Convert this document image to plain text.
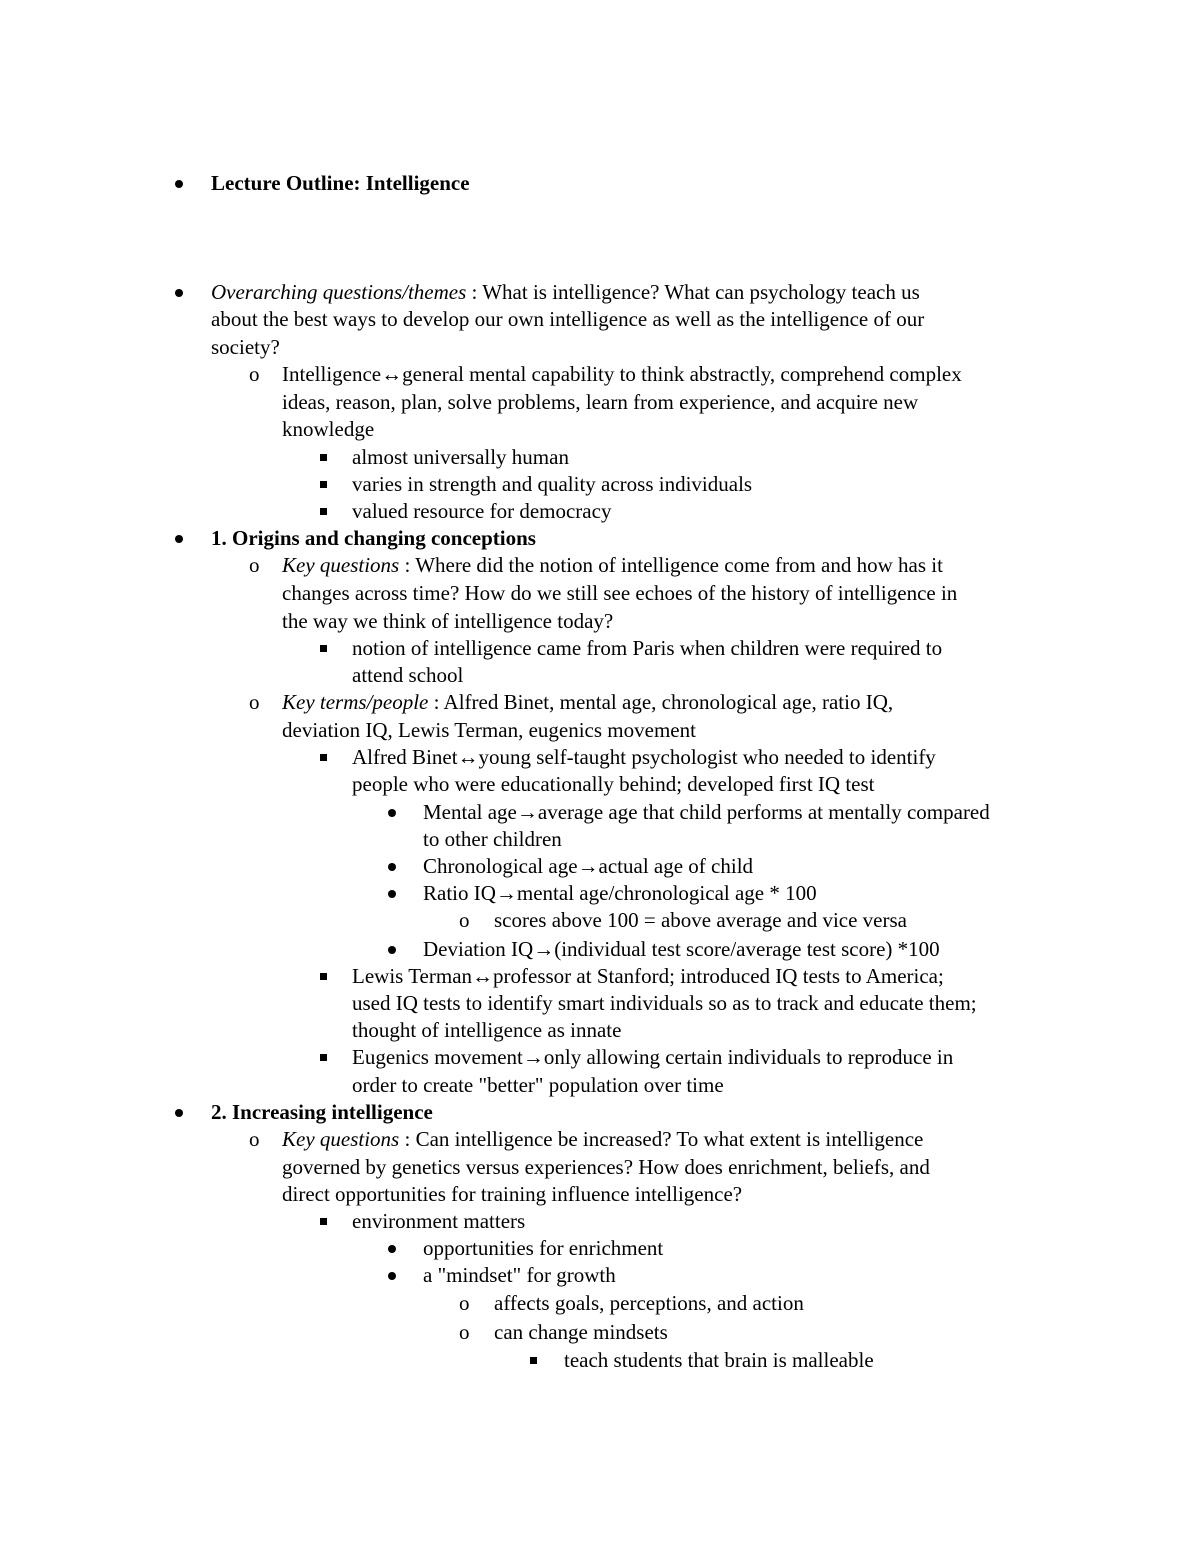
Lecture Outline: Intelligence
Overarching questions/themes : What is intelligence? What can psychology teach us
about the best ways to develop our own intelligence as well as the intelligence of our
society?
o Intelligence↔general mental capability to think abstractly, comprehend complex
ideas, reason, plan, solve problems, learn from experience, and acquire new
knowledge
almost universally human
varies in strength and quality across individuals
valued resource for democracy
1. Origins and changing conceptions
o Key questions : Where did the notion of intelligence come from and how has it
changes across time? How do we still see echoes of the history of intelligence in
the way we think of intelligence today?
notion of intelligence came from Paris when children were required to
attend school
o Key terms/people : Alfred Binet, mental age, chronological age, ratio IQ,
deviation IQ, Lewis Terman, eugenics movement
Alfred Binet↔young self-taught psychologist who needed to identify
people who were educationally behind; developed first IQ test
Mental age→average age that child performs at mentally compared
to other children
Chronological age→actual age of child
Ratio IQ→mental age/chronological age * 100
o scores above 100 = above average and vice versa
Deviation IQ→(individual test score/average test score) *100
Lewis Terman↔professor at Stanford; introduced IQ tests to America;
used IQ tests to identify smart individuals so as to track and educate them;
thought of intelligence as innate
Eugenics movement→only allowing certain individuals to reproduce in
order to create "better" population over time
2. Increasing intelligence
o Key questions : Can intelligence be increased? To what extent is intelligence
governed by genetics versus experiences? How does enrichment, beliefs, and
direct opportunities for training influence intelligence?
environment matters
opportunities for enrichment
a "mindset" for growth
o affects goals, perceptions, and action
o can change mindsets
teach students that brain is malleable
